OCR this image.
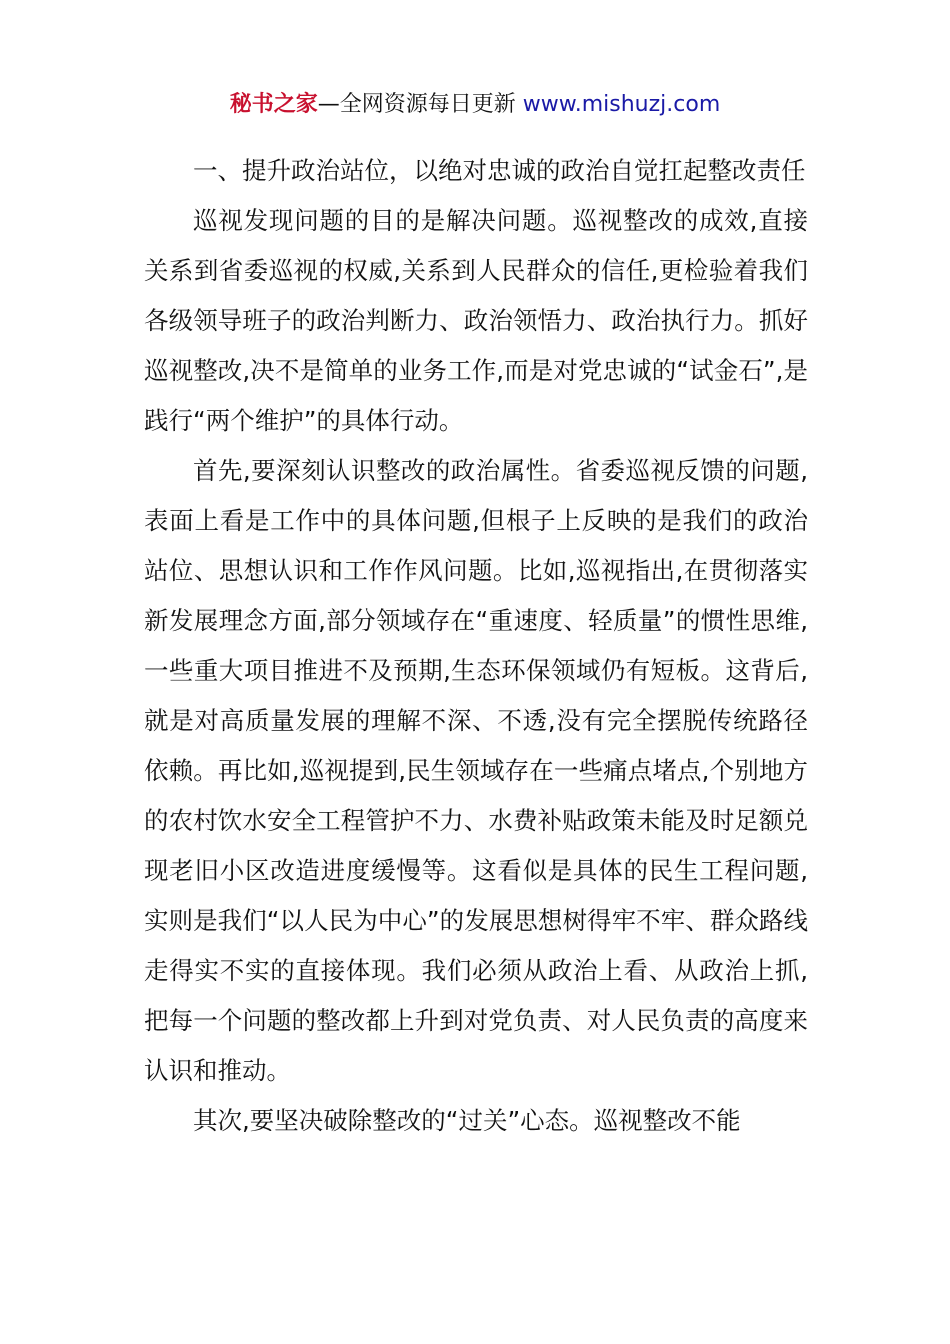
秘书之家—全网资源每日更新 www.mishuzj.com

一、提升政治站位，以绝对忠诚的政治自觉扛起整改责任

巡视发现问题的目的是解决问题。巡视整改的成效,直接关系到省委巡视的权威,关系到人民群众的信任,更检验着我们各级领导班子的政治判断力、政治领悟力、政治执行力。抓好巡视整改,决不是简单的业务工作,而是对党忠诚的“试金石”,是践行“两个维护”的具体行动。

首先,要深刻认识整改的政治属性。省委巡视反馈的问题,表面上看是工作中的具体问题,但根子上反映的是我们的政治站位、思想认识和工作作风问题。比如,巡视指出,在贯彻落实新发展理念方面,部分领域存在“重速度、轻质量”的惯性思维,一些重大项目推进不及预期,生态环保领域仍有短板。这背后,就是对高质量发展的理解不深、不透,没有完全摆脱传统路径依赖。再比如,巡视提到,民生领域存在一些痛点堵点,个别地方的农村饮水安全工程管护不力、水费补贴政策未能及时足额兑现老旧小区改造进度缓慢等。这看似是具体的民生工程问题,实则是我们“以人民为中心”的发展思想树得牢不牢、群众路线走得实不实的直接体现。我们必须从政治上看、从政治上抓,把每一个问题的整改都上升到对党负责、对人民负责的高度来认识和推动。

其次,要坚决破除整改的“过关”心态。巡视整改不能
